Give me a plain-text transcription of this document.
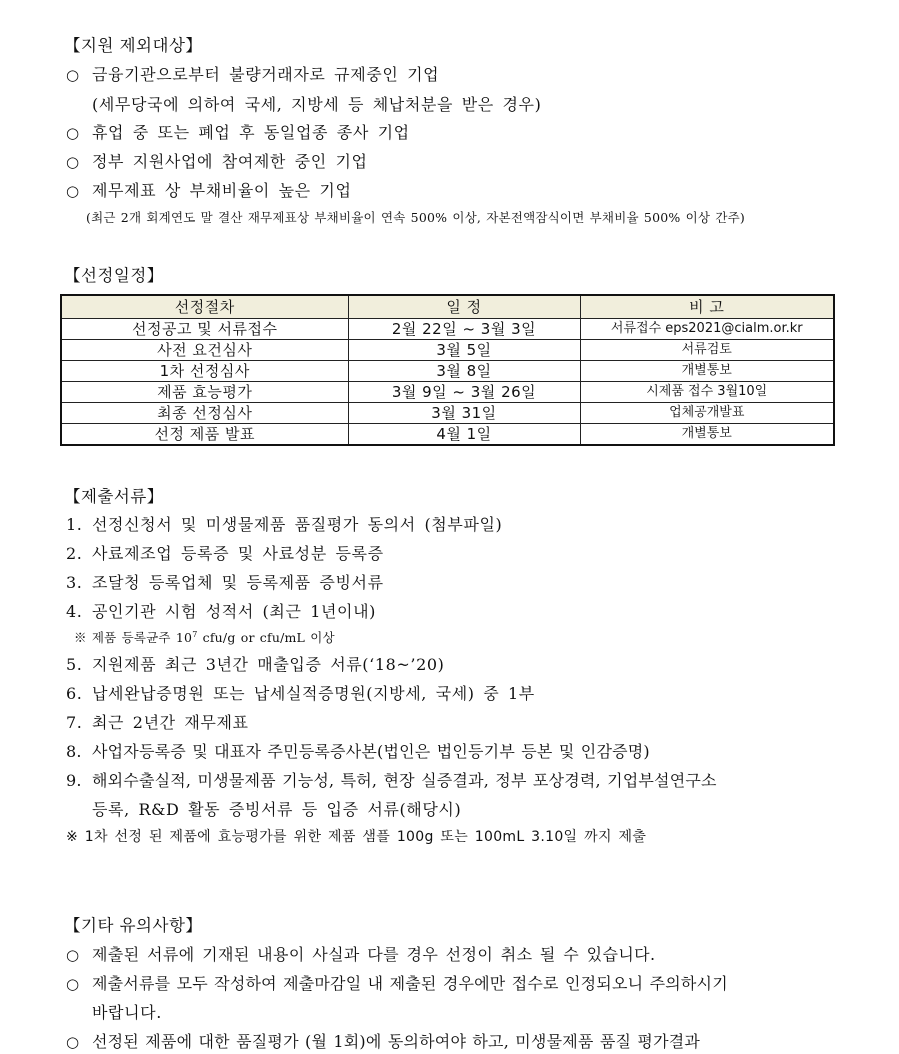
【지원 제외대상】
○ 금융기관으로부터 불량거래자로 규제중인 기업
(세무당국에 의하여 국세, 지방세 등 체납처분을 받은 경우)
○ 휴업 중 또는 폐업 후 동일업종 종사 기업
○ 정부 지원사업에 참여제한 중인 기업
○ 제무제표 상 부채비율이 높은 기업
(최근 2개 회계연도 말 결산 재무제표상 부채비율이 연속 500% 이상, 자본전액잠식이면 부채비율 500% 이상 간주)
【선정일정】
선정절차	일 정	비 고
선정공고 및 서류접수	2월 22일 ~ 3월 3일	서류접수 eps2021@cialm.or.kr
사전 요건심사	3월 5일	서류검토
1차 선정심사	3월 8일	개별통보
제품 효능평가	3월 9일 ~ 3월 26일	시제품 접수 3월10일
최종 선정심사	3월 31일	업체공개발표
선정 제품 발표	4월 1일	개별통보
【제출서류】
1. 선정신청서 및 미생물제품 품질평가 동의서 (첨부파일)
2. 사료제조업 등록증 및 사료성분 등록증
3. 조달청 등록업체 및 등록제품 증빙서류
4. 공인기관 시험 성적서 (최근 1년이내)
※ 제품 등록균주 $10^7$ cfu/g or cfu/mL 이상
5. 지원제품 최근 3년간 매출입증 서류(‘18~’20)
6. 납세완납증명원 또는 납세실적증명원(지방세, 국세) 중 1부
7. 최근 2년간 재무제표
8. 사업자등록증 및 대표자 주민등록증사본(법인은 법인등기부 등본 및 인감증명)
9. 해외수출실적, 미생물제품 기능성, 특허, 현장 실증결과, 정부 포상경력, 기업부설연구소
등록, R&D 활동 증빙서류 등 입증 서류(해당시)
※ 1차 선정 된 제품에 효능평가를 위한 제품 샘플 100g 또는 100mL 3.10일 까지 제출
【기타 유의사항】
○ 제출된 서류에 기재된 내용이 사실과 다를 경우 선정이 취소 될 수 있습니다.
○ 제출서류를 모두 작성하여 제출마감일 내 제출된 경우에만 접수로 인정되오니 주의하시기
바랍니다.
○ 선정된 제품에 대한 품질평가 (월 1회)에 동의하여야 하고, 미생물제품 품질 평가결과
